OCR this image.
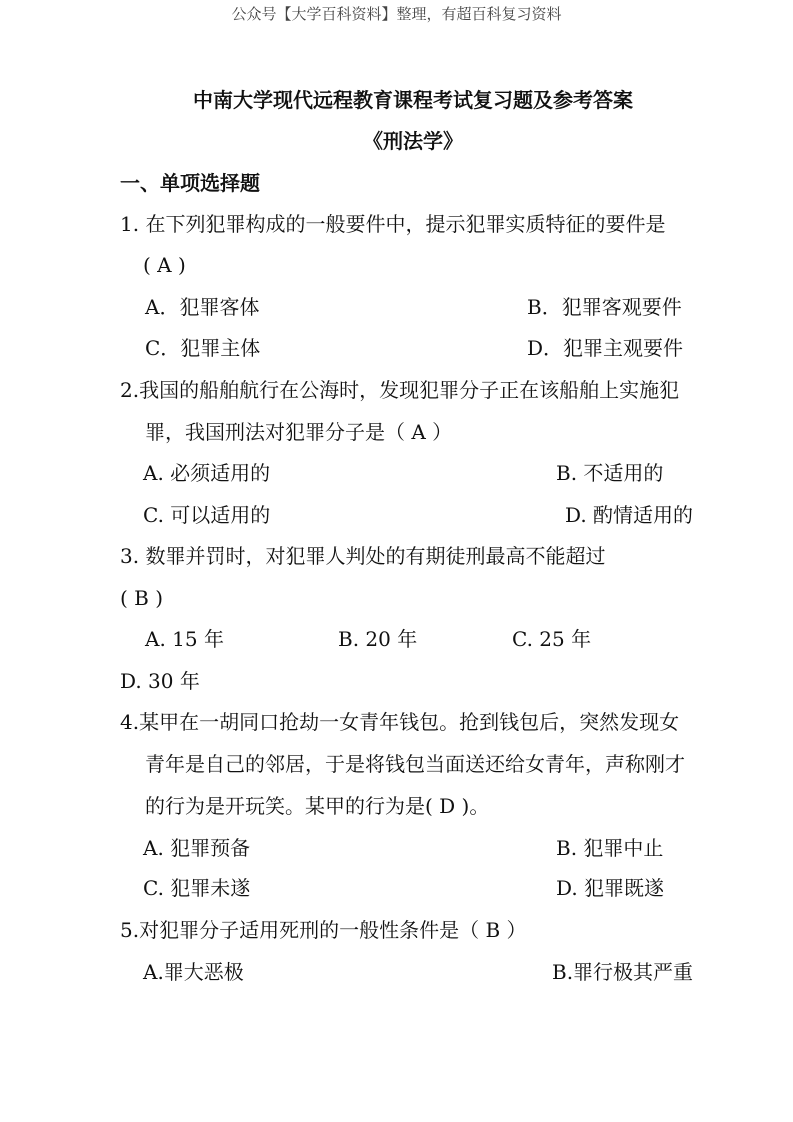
公众号【大学百科资料】整理，有超百科复习资料
中南大学现代远程教育课程考试复习题及参考答案
《刑法学》
一、单项选择题
1. 在下列犯罪构成的一般要件中，提示犯罪实质特征的要件是
( A )
A．犯罪客体	B．犯罪客观要件
C．犯罪主体	D．犯罪主观要件
2.我国的船舶航行在公海时，发现犯罪分子正在该船舶上实施犯
罪，我国刑法对犯罪分子是（ A ）
A. 必须适用的	B. 不适用的
C. 可以适用的	D. 酌情适用的
3. 数罪并罚时，对犯罪人判处的有期徒刑最高不能超过
( B )
A. 15 年	B. 20 年	C. 25 年
D. 30 年
4.某甲在一胡同口抢劫一女青年钱包。抢到钱包后，突然发现女
青年是自己的邻居，于是将钱包当面送还给女青年，声称刚才
的行为是开玩笑。某甲的行为是( D )。
A. 犯罪预备	B. 犯罪中止
C. 犯罪未遂	D. 犯罪既遂
5.对犯罪分子适用死刑的一般性条件是（ B ）
A.罪大恶极	B.罪行极其严重
